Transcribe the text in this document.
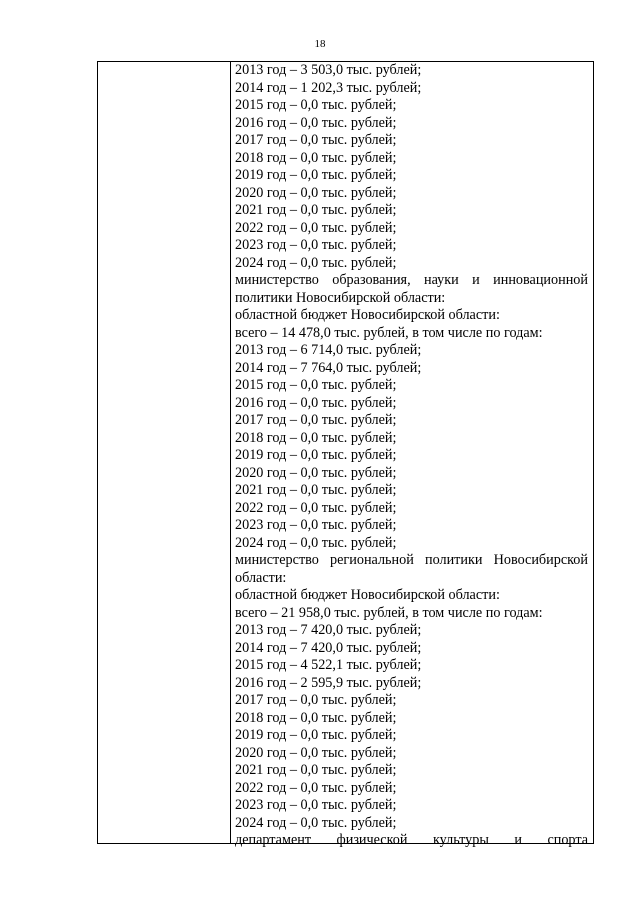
18
2013 год – 3 503,0 тыс. рублей;
2014 год – 1 202,3 тыс. рублей;
2015 год – 0,0 тыс. рублей;
2016 год – 0,0 тыс. рублей;
2017 год – 0,0 тыс. рублей;
2018 год – 0,0 тыс. рублей;
2019 год – 0,0 тыс. рублей;
2020 год – 0,0 тыс. рублей;
2021 год – 0,0 тыс. рублей;
2022 год – 0,0 тыс. рублей;
2023 год – 0,0 тыс. рублей;
2024 год – 0,0 тыс. рублей;
министерство образования, науки и инновационной
политики Новосибирской области:
областной бюджет Новосибирской области:
всего – 14 478,0 тыс. рублей, в том числе по годам:
2013 год – 6 714,0 тыс. рублей;
2014 год – 7 764,0 тыс. рублей;
2015 год – 0,0 тыс. рублей;
2016 год – 0,0 тыс. рублей;
2017 год – 0,0 тыс. рублей;
2018 год – 0,0 тыс. рублей;
2019 год – 0,0 тыс. рублей;
2020 год – 0,0 тыс. рублей;
2021 год – 0,0 тыс. рублей;
2022 год – 0,0 тыс. рублей;
2023 год – 0,0 тыс. рублей;
2024 год – 0,0 тыс. рублей;
министерство региональной политики Новосибирской
области:
областной бюджет Новосибирской области:
всего – 21 958,0 тыс. рублей, в том числе по годам:
2013 год – 7 420,0 тыс. рублей;
2014 год – 7 420,0 тыс. рублей;
2015 год – 4 522,1 тыс. рублей;
2016 год – 2 595,9 тыс. рублей;
2017 год – 0,0 тыс. рублей;
2018 год – 0,0 тыс. рублей;
2019 год – 0,0 тыс. рублей;
2020 год – 0,0 тыс. рублей;
2021 год – 0,0 тыс. рублей;
2022 год – 0,0 тыс. рублей;
2023 год – 0,0 тыс. рублей;
2024 год – 0,0 тыс. рублей;
департамент физической культуры и спорта
